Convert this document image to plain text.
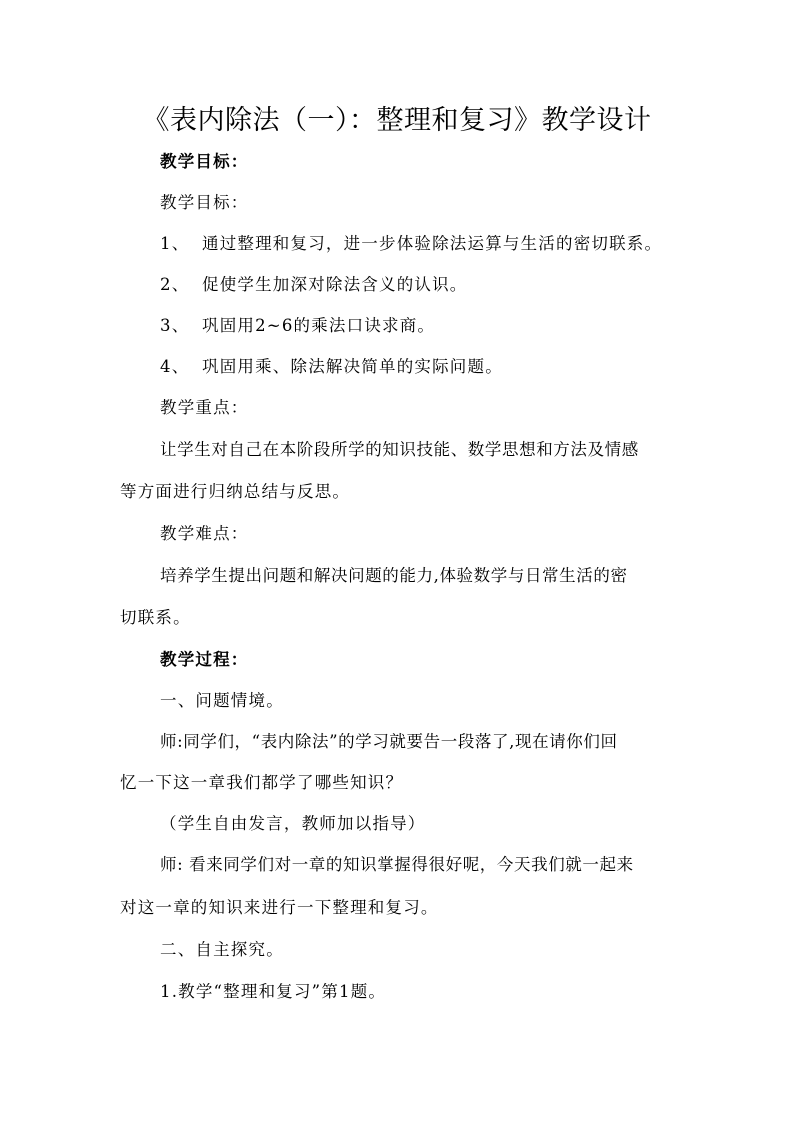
《表内除法（一）：整理和复习》教学设计
教学目标：
教学目标：
1、 通过整理和复习，进一步体验除法运算与生活的密切联系。
2、 促使学生加深对除法含义的认识。
3、 巩固用2~6的乘法口诀求商。
4、 巩固用乘、除法解决简单的实际问题。
教学重点：
让学生对自己在本阶段所学的知识技能、数学思想和方法及情感
等方面进行归纳总结与反思。
教学难点：
培养学生提出问题和解决问题的能力,体验数学与日常生活的密
切联系。
教学过程：
一、问题情境。
师:同学们，“表内除法”的学习就要告一段落了,现在请你们回
忆一下这一章我们都学了哪些知识？
（学生自由发言，教师加以指导）
师: 看来同学们对一章的知识掌握得很好呢，今天我们就一起来
对这一章的知识来进行一下整理和复习。
二、自主探究。
1.教学“整理和复习”第1题。
